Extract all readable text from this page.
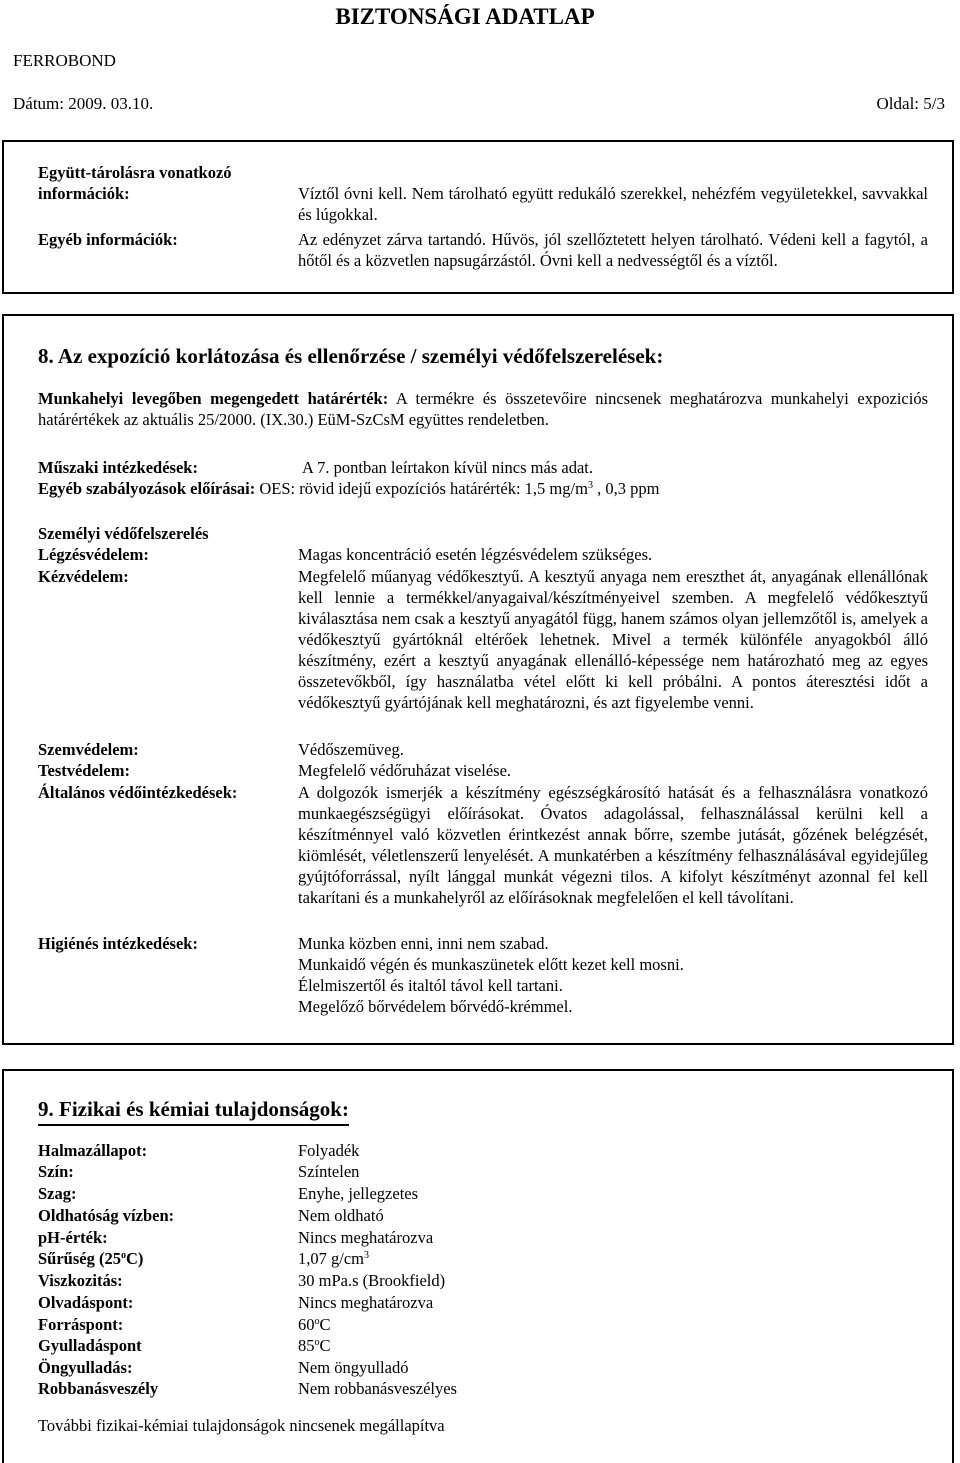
BIZTONSÁGI ADATLAP
FERROBOND
Dátum: 2009. 03.10.	Oldal: 5/3
Együtt-tárolásra vonatkozó
információk:	Víztől óvni kell. Nem tárolható együtt redukáló szerekkel, nehézfém vegyületekkel, savvakkal és lúgokkal.
Egyéb információk:	Az edényzet zárva tartandó. Hűvös, jól szellőztetett helyen tárolható. Védeni kell a fagytól, a hőtől és a közvetlen napsugárzástól. Óvni kell a nedvességtől és a víztől.
8. Az expozíció korlátozása és ellenőrzése / személyi védőfelszerelések:
Munkahelyi levegőben megengedett határérték: A termékre és összetevőire nincsenek meghatározva munkahelyi expoziciós határértékek az aktuális 25/2000. (IX.30.) EüM-SzCsM együttes rendeletben.
Műszaki intézkedések:	A 7. pontban leírtakon kívül nincs más adat.
Egyéb szabályozások előírásai: OES: rövid idejű expozíciós határérték: 1,5 $mg/m^3$ , 0,3 ppm
Személyi védőfelszerelés
Légzésvédelem:	Magas koncentráció esetén légzésvédelem szükséges.
Kézvédelem:	Megfelelő műanyag védőkesztyű. A kesztyű anyaga nem ereszthet át, anyagának ellenállónak kell lennie a termékkel/anyagaival/készítményeivel szemben. A megfelelő védőkesztyű kiválasztása nem csak a kesztyű anyagától függ, hanem számos olyan jellemzőtől is, amelyek a védőkesztyű gyártóknál eltérőek lehetnek. Mivel a termék különféle anyagokból álló készítmény, ezért a kesztyű anyagának ellenálló-képessége nem határozható meg az egyes összetevőkből, így használatba vétel előtt ki kell próbálni. A pontos áteresztési időt a védőkesztyű gyártójának kell meghatározni, és azt figyelembe venni.
Szemvédelem:	Védőszemüveg.
Testvédelem:	Megfelelő védőruházat viselése.
Általános védőintézkedések:	A dolgozók ismerjék a készítmény egészségkárosító hatását és a felhasználásra vonatkozó munkaegészségügyi előírásokat. Óvatos adagolással, felhasználással kerülni kell a készítménnyel való közvetlen érintkezést annak bőrre, szembe jutását, gőzének belégzését, kiömlését, véletlenszerű lenyelését. A munkatérben a készítmény felhasználásával egyidejűleg gyújtóforrással, nyílt lánggal munkát végezni tilos. A kifolyt készítményt azonnal fel kell takarítani és a munkahelyről az előírásoknak megfelelően el kell távolítani.
Higiénés intézkedések:	Munka közben enni, inni nem szabad.

Munkaidő végén és munkaszünetek előtt kezet kell mosni.

Élelmiszertől és italtól távol kell tartani.

Megelőző bőrvédelem bőrvédő-krémmel.

9. Fizikai és kémiai tulajdonságok:
Halmazállapot:	Folyadék
Szín:	Színtelen
Szag:	Enyhe, jellegzetes
Oldhatóság vízben:	Nem oldható
pH-érték:	Nincs meghatározva
Sűrűség (25$^o$C)	1,07 $g/cm^3$
Viszkozitás:	30 mPa.s (Brookfield)
Olvadáspont:	Nincs meghatározva
Forráspont:	60$^o$C
Gyulladáspont	85$^o$C
Öngyulladás:	Nem öngyulladó
Robbanásveszély	Nem robbanásveszélyes
További fizikai-kémiai tulajdonságok nincsenek megállapítva
